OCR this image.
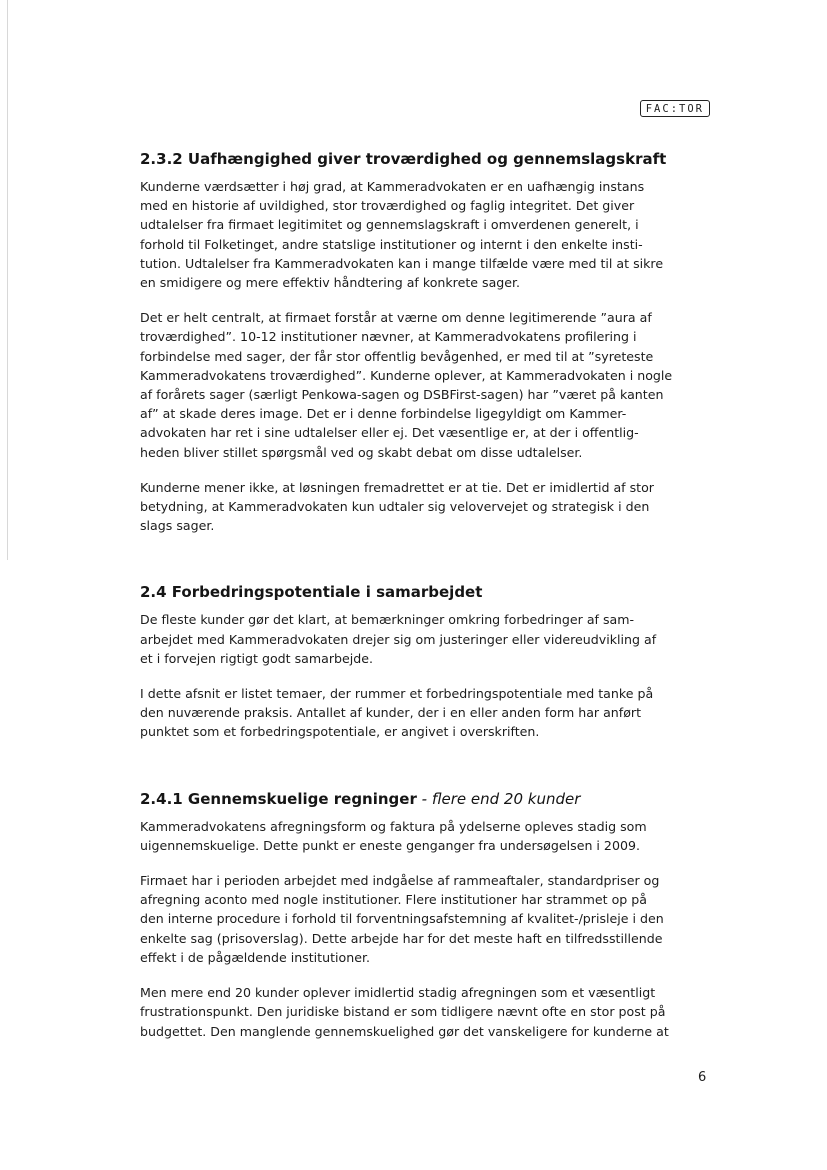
FAC:TOR
2.3.2 Uafhængighed giver troværdighed og gennemslagskraft

Kunderne værdsætter i høj grad, at Kammeradvokaten er en uafhængig instans
med en historie af uvildighed, stor troværdighed og faglig integritet. Det giver
udtalelser fra firmaet legitimitet og gennemslagskraft i omverdenen generelt, i
forhold til Folketinget, andre statslige institutioner og internt i den enkelte insti-
tution. Udtalelser fra Kammeradvokaten kan i mange tilfælde være med til at sikre
en smidigere og mere effektiv håndtering af konkrete sager.

Det er helt centralt, at firmaet forstår at værne om denne legitimerende ”aura af
troværdighed”. 10-12 institutioner nævner, at Kammeradvokatens profilering i
forbindelse med sager, der får stor offentlig bevågenhed, er med til at ”syreteste
Kammeradvokatens troværdighed”. Kunderne oplever, at Kammeradvokaten i nogle
af forårets sager (særligt Penkowa-sagen og DSBFirst-sagen) har ”været på kanten
af” at skade deres image. Det er i denne forbindelse ligegyldigt om Kammer-
advokaten har ret i sine udtalelser eller ej. Det væsentlige er, at der i offentlig-
heden bliver stillet spørgsmål ved og skabt debat om disse udtalelser.

Kunderne mener ikke, at løsningen fremadrettet er at tie. Det er imidlertid af stor
betydning, at Kammeradvokaten kun udtaler sig velovervejet og strategisk i den
slags sager.

2.4 Forbedringspotentiale i samarbejdet

De fleste kunder gør det klart, at bemærkninger omkring forbedringer af sam-
arbejdet med Kammeradvokaten drejer sig om justeringer eller videreudvikling af
et i forvejen rigtigt godt samarbejde.

I dette afsnit er listet temaer, der rummer et forbedringspotentiale med tanke på
den nuværende praksis. Antallet af kunder, der i en eller anden form har anført
punktet som et forbedringspotentiale, er angivet i overskriften.

2.4.1 Gennemskuelige regninger - flere end 20 kunder

Kammeradvokatens afregningsform og faktura på ydelserne opleves stadig som
uigennemskuelige. Dette punkt er eneste genganger fra undersøgelsen i 2009.

Firmaet har i perioden arbejdet med indgåelse af rammeaftaler, standardpriser og
afregning aconto med nogle institutioner. Flere institutioner har strammet op på
den interne procedure i forhold til forventningsafstemning af kvalitet-/prisleje i den
enkelte sag (prisoverslag). Dette arbejde har for det meste haft en tilfredsstillende
effekt i de pågældende institutioner.

Men mere end 20 kunder oplever imidlertid stadig afregningen som et væsentligt
frustrationspunkt. Den juridiske bistand er som tidligere nævnt ofte en stor post på
budgettet. Den manglende gennemskuelighed gør det vanskeligere for kunderne at

6
